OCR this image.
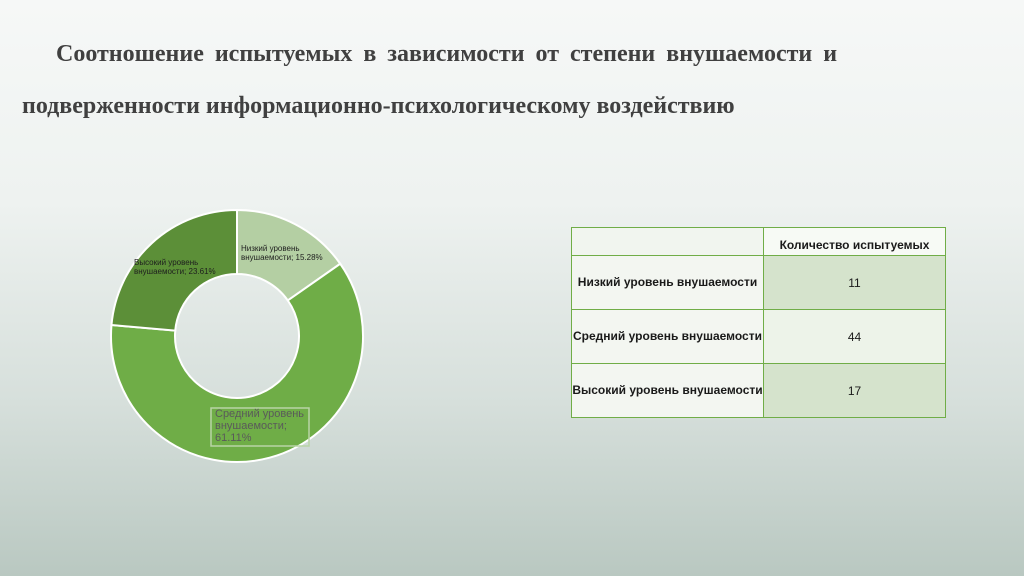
Соотношение испытуемых в зависимости от степени внушаемости и
подверженности информационно-психологическому воздействию
Низкий уровень внушаемости; 15.28%
Средний уровень внушаемости; 61.11%
Высокий уровень внушаемости; 23.61%
	Количество испытуемых
Низкий уровень внушаемости	11
Средний уровень внушаемости	44
Высокий уровень внушаемости	17
